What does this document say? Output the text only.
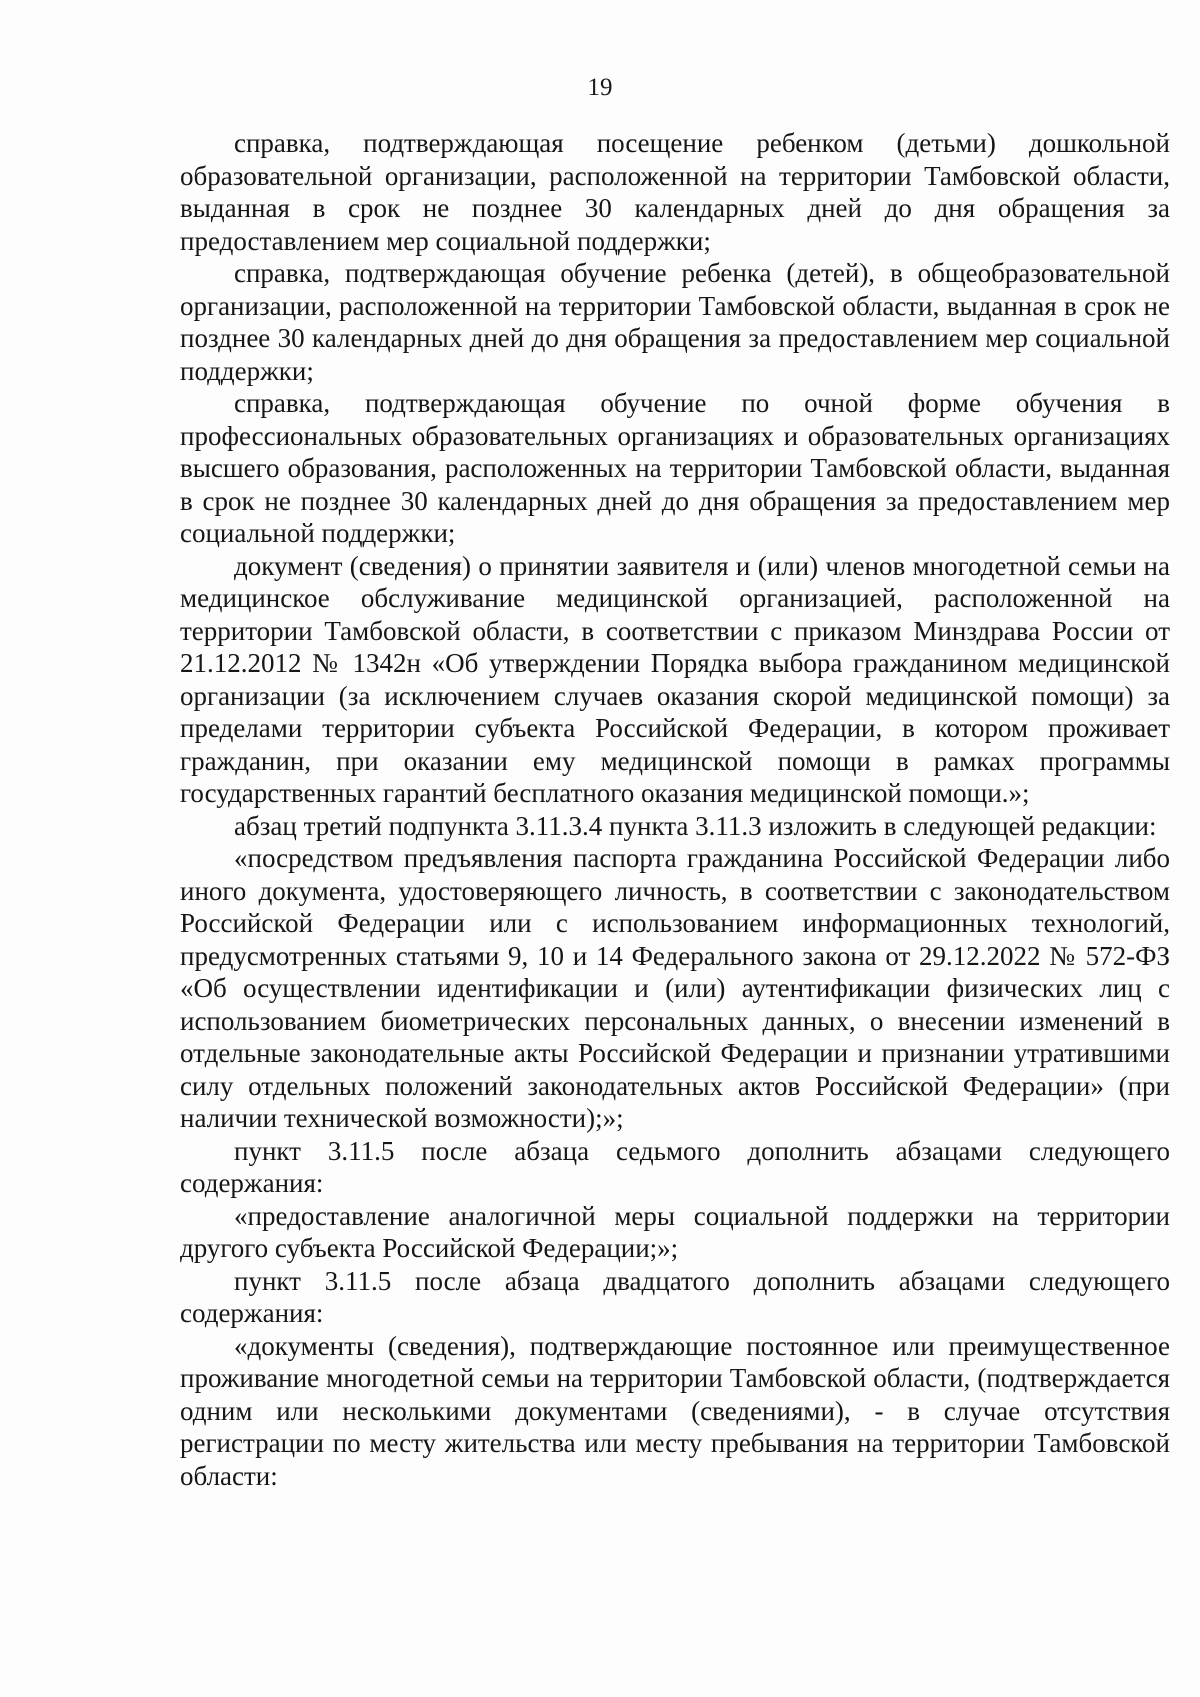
19

справка, подтверждающая посещение ребенком (детьми) дошкольной образовательной организации, расположенной на территории Тамбовской области, выданная в срок не позднее 30 календарных дней до дня обращения за предоставлением мер социальной поддержки;

справка, подтверждающая обучение ребенка (детей), в общеобразовательной организации, расположенной на территории Тамбовской области, выданная в срок не позднее 30 календарных дней до дня обращения за предоставлением мер социальной поддержки;

справка, подтверждающая обучение по очной форме обучения в профессиональных образовательных организациях и образовательных организациях высшего образования, расположенных на территории Тамбовской области, выданная в срок не позднее 30 календарных дней до дня обращения за предоставлением мер социальной поддержки;

документ (сведения) о принятии заявителя и (или) членов многодетной семьи на медицинское обслуживание медицинской организацией, расположенной на территории Тамбовской области, в соответствии с приказом Минздрава России от 21.12.2012 № 1342н «Об утверждении Порядка выбора гражданином медицинской организации (за исключением случаев оказания скорой медицинской помощи) за пределами территории субъекта Российской Федерации, в котором проживает гражданин, при оказании ему медицинской помощи в рамках программы государственных гарантий бесплатного оказания медицинской помощи.»;

абзац третий подпункта 3.11.3.4 пункта 3.11.3 изложить в следующей редакции:

«посредством предъявления паспорта гражданина Российской Федерации либо иного документа, удостоверяющего личность, в соответствии с законодательством Российской Федерации или с использованием информационных технологий, предусмотренных статьями 9, 10 и 14 Федерального закона от 29.12.2022 № 572-ФЗ «Об осуществлении идентификации и (или) аутентификации физических лиц с использованием биометрических персональных данных, о внесении изменений в отдельные законодательные акты Российской Федерации и признании утратившими силу отдельных положений законодательных актов Российской Федерации» (при наличии технической возможности);»;

пункт 3.11.5 после абзаца седьмого дополнить абзацами следующего содержания:

«предоставление аналогичной меры социальной поддержки на территории другого субъекта Российской Федерации;»;

пункт 3.11.5 после абзаца двадцатого дополнить абзацами следующего содержания:

«документы (сведения), подтверждающие постоянное или преимущественное проживание многодетной семьи на территории Тамбовской области, (подтверждается одним или несколькими документами (сведениями), - в случае отсутствия регистрации по месту жительства или месту пребывания на территории Тамбовской области:
